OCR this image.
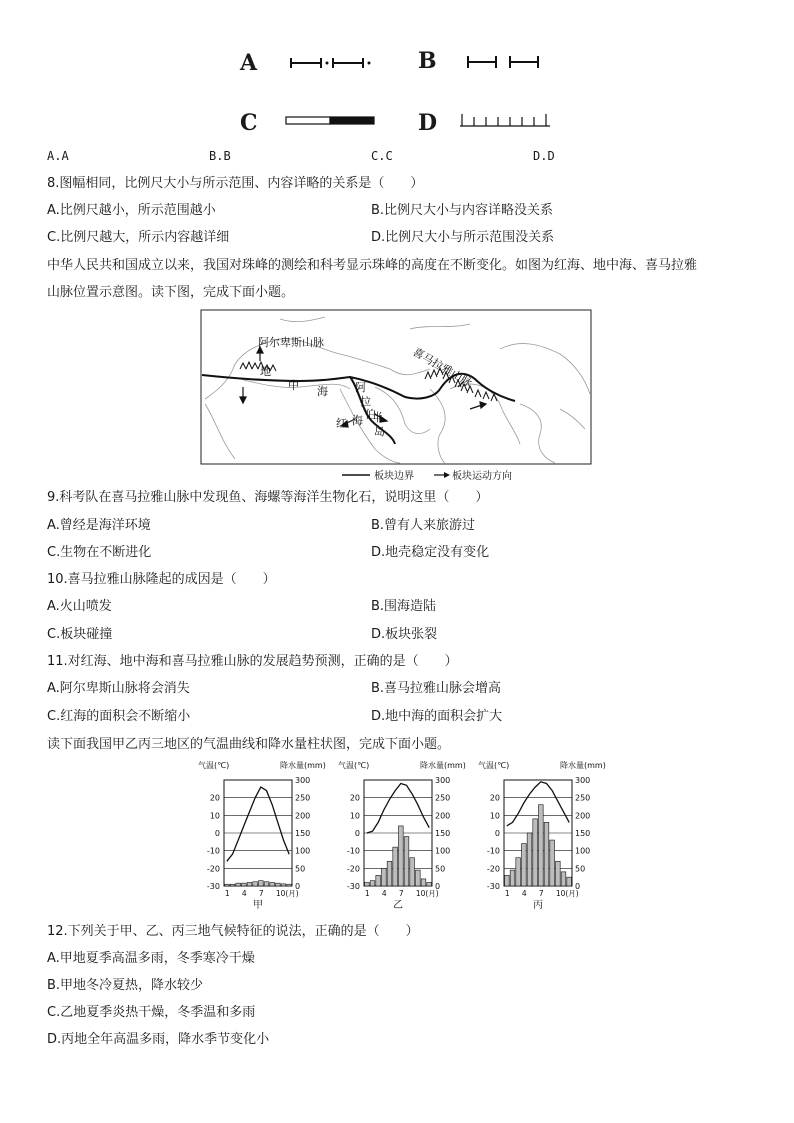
A	B
C	D
A.A	B.B	C.C	D.D
8.图幅相同，比例尺大小与所示范围、内容详略的关系是（　　）
A.比例尺越小，所示范围越小	B.比例尺大小与内容详略没关系
C.比例尺越大，所示内容越详细	D.比例尺大小与所示范围没关系
中华人民共和国成立以来，我国对珠峰的测绘和科考显示珠峰的高度在不断变化。如图为红海、地中海、喜马拉雅
山脉位置示意图。读下图，完成下面小题。
阿尔卑斯山脉
地
中 海
喜马拉雅山脉
阿
拉
伯
半
岛
红 海
板块边界	板块运动方向
9.科考队在喜马拉雅山脉中发现鱼、海螺等海洋生物化石，说明这里（　　）
A.曾经是海洋环境	B.曾有人来旅游过
C.生物在不断进化	D.地壳稳定没有变化
10.喜马拉雅山脉隆起的成因是（　　）
A.火山喷发	B.围海造陆
C.板块碰撞	D.板块张裂
11.对红海、地中海和喜马拉雅山脉的发展趋势预测，正确的是（　　）
A.阿尔卑斯山脉将会消失	B.喜马拉雅山脉会增高
C.红海的面积会不断缩小	D.地中海的面积会扩大
读下面我国甲乙丙三地区的气温曲线和降水量柱状图，完成下面小题。
气温(℃)	降水量(mm)
20
10
0
-10
-20
-30
300
250
200
150
100
50
0
1 4 7 10(月)
甲
气温(℃)	降水量(mm)
20
10
0
-10
-20
-30
300
250
200
150
100
50
0
1 4 7 10(月)
乙
气温(℃)	降水量(mm)
20
10
0
-10
-20
-30
300
250
200
150
100
50
0
1 4 7 10(月)
丙
12.下列关于甲、乙、丙三地气候特征的说法，正确的是（　　）
A.甲地夏季高温多雨，冬季寒冷干燥
B.甲地冬冷夏热，降水较少
C.乙地夏季炎热干燥，冬季温和多雨
D.丙地全年高温多雨，降水季节变化小
